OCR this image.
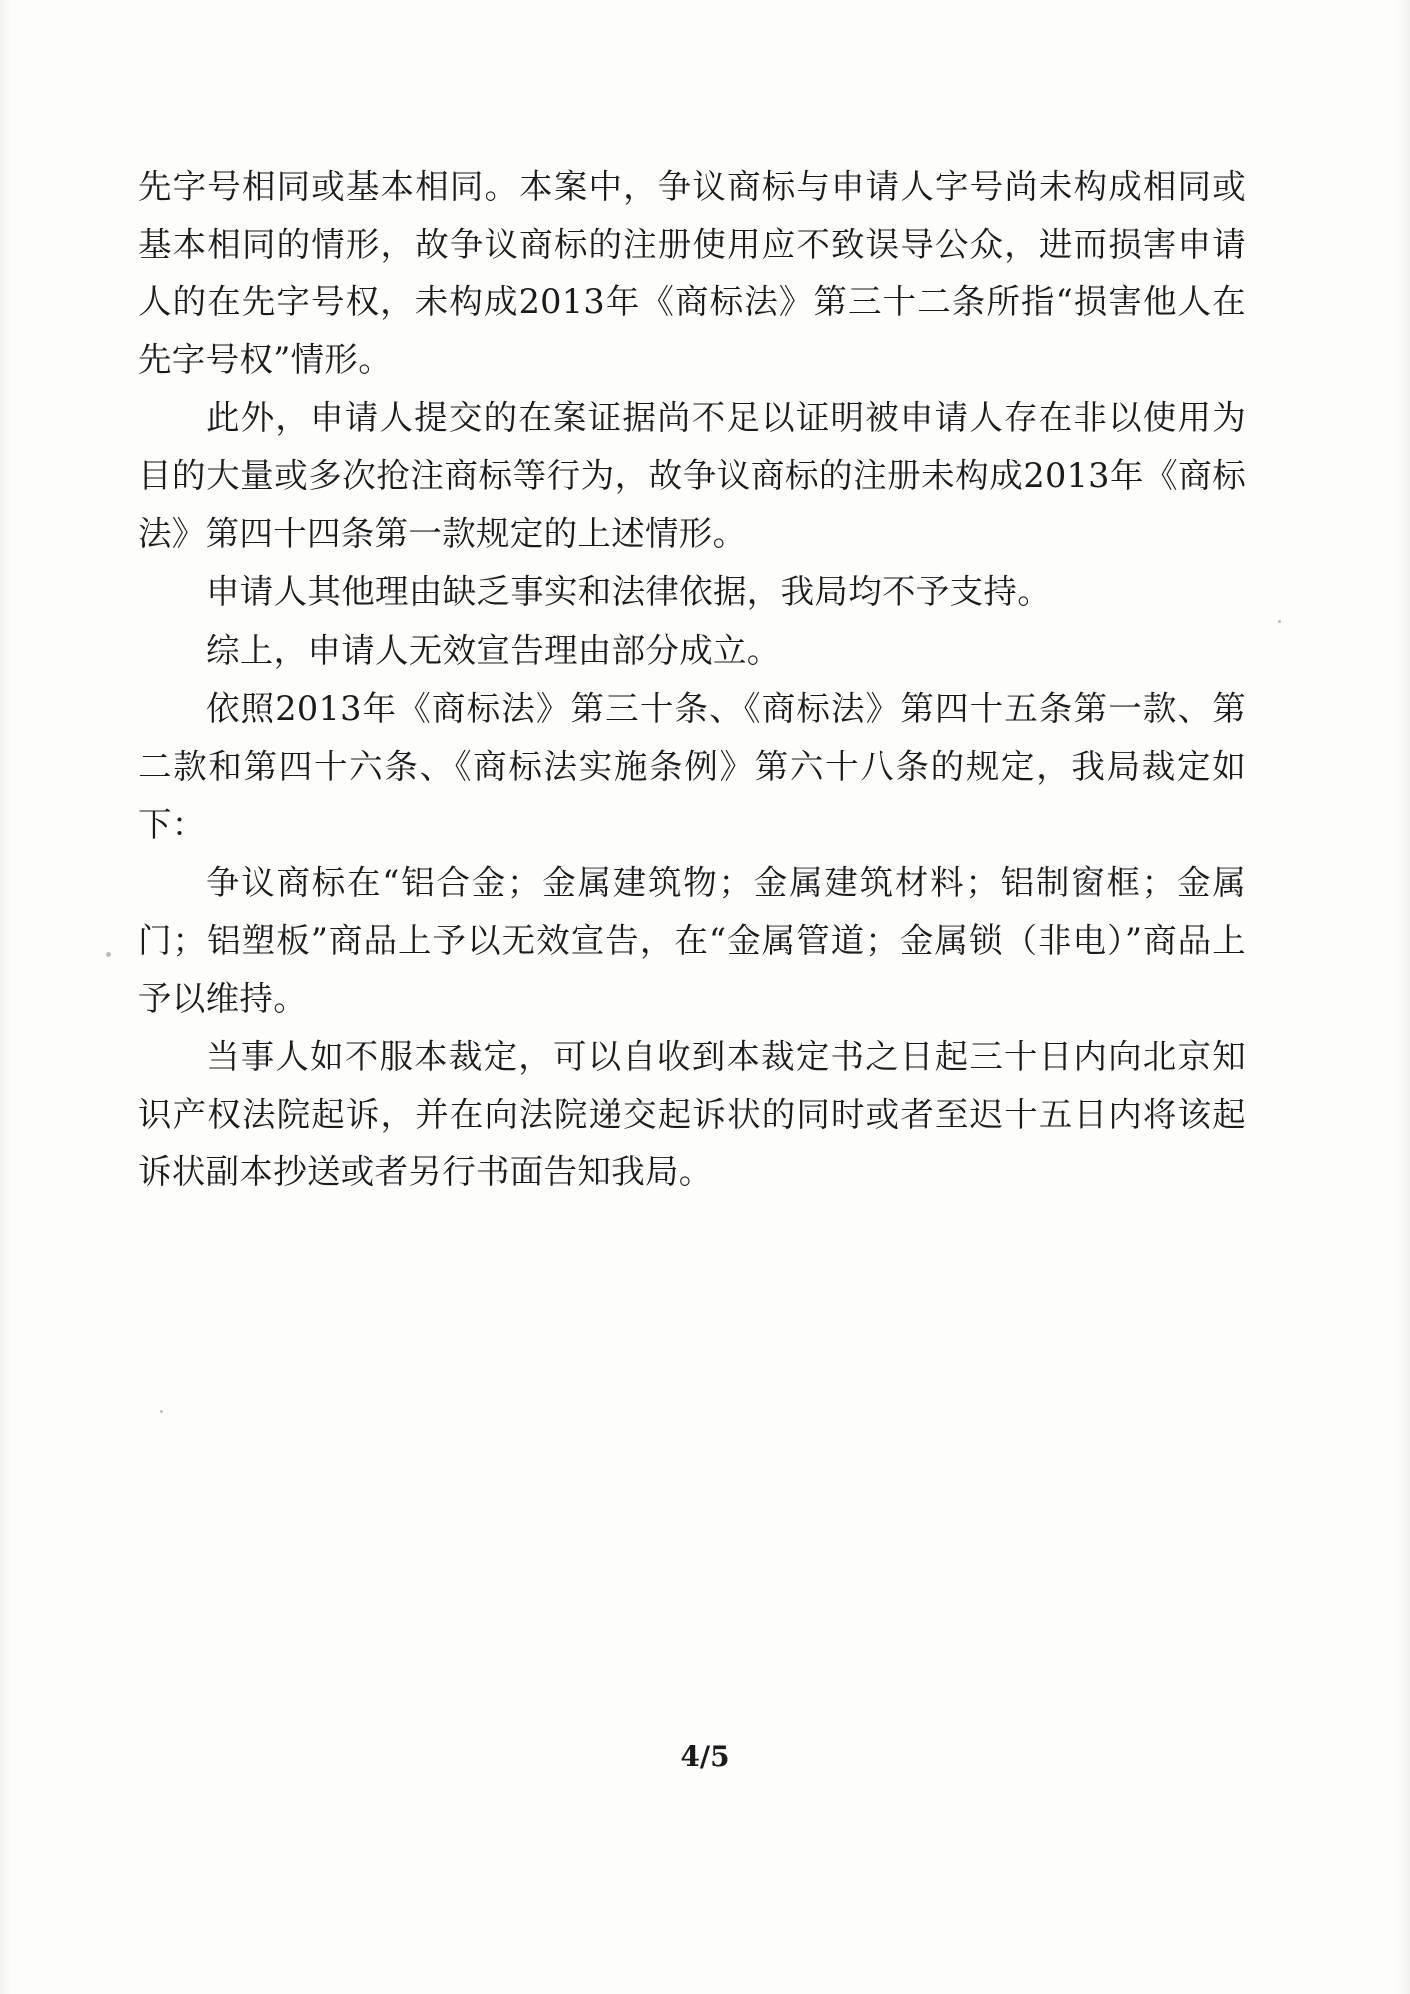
先字号相同或基本相同。本案中，争议商标与申请人字号尚未构成相同或基本相同的情形，故争议商标的注册使用应不致误导公众，进而损害申请人的在先字号权，未构成2013年《商标法》第三十二条所指“损害他人在先字号权”情形。

此外，申请人提交的在案证据尚不足以证明被申请人存在非以使用为目的大量或多次抢注商标等行为，故争议商标的注册未构成2013年《商标法》第四十四条第一款规定的上述情形。

申请人其他理由缺乏事实和法律依据，我局均不予支持。

综上，申请人无效宣告理由部分成立。

依照2013年《商标法》第三十条、《商标法》第四十五条第一款、第二款和第四十六条、《商标法实施条例》第六十八条的规定，我局裁定如下：

争议商标在“铝合金；金属建筑物；金属建筑材料；铝制窗框；金属门；铝塑板”商品上予以无效宣告，在“金属管道；金属锁（非电）”商品上予以维持。

当事人如不服本裁定，可以自收到本裁定书之日起三十日内向北京知识产权法院起诉，并在向法院递交起诉状的同时或者至迟十五日内将该起诉状副本抄送或者另行书面告知我局。

4/5
